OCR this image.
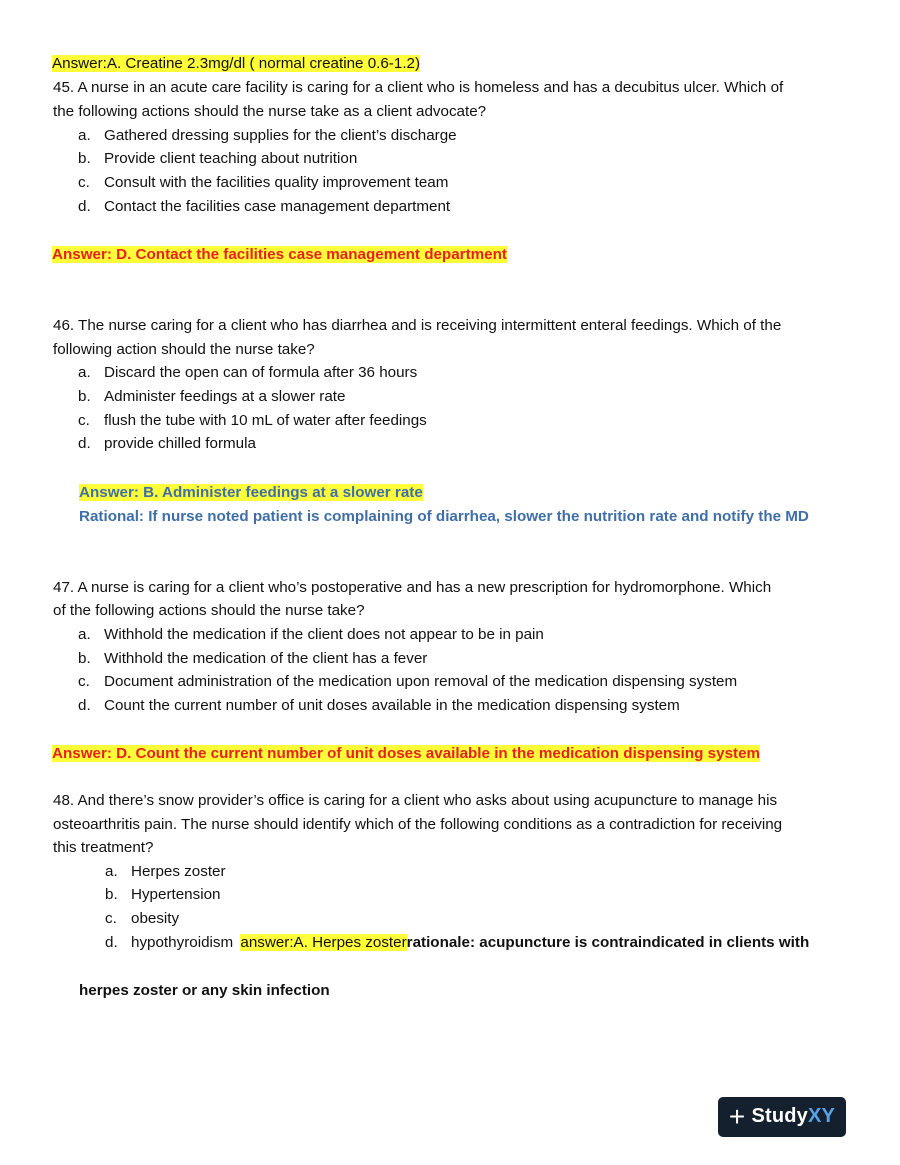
Answer:A. Creatine 2.3mg/dl ( normal creatine 0.6-1.2)
45. A nurse in an acute care facility is caring for a client who is homeless and has a decubitus ulcer. Which of
the following actions should the nurse take as a client advocate?
a. Gathered dressing supplies for the client’s discharge
b. Provide client teaching about nutrition
c. Consult with the facilities quality improvement team
d. Contact the facilities case management department
Answer: D. Contact the facilities case management department
46. The nurse caring for a client who has diarrhea and is receiving intermittent enteral feedings. Which of the
following action should the nurse take?
a. Discard the open can of formula after 36 hours
b. Administer feedings at a slower rate
c. flush the tube with 10 mL of water after feedings
d. provide chilled formula
Answer: B. Administer feedings at a slower rate
Rational: If nurse noted patient is complaining of diarrhea, slower the nutrition rate and notify the MD
47. A nurse is caring for a client who’s postoperative and has a new prescription for hydromorphone. Which
of the following actions should the nurse take?
a. Withhold the medication if the client does not appear to be in pain
b. Withhold the medication of the client has a fever
c. Document administration of the medication upon removal of the medication dispensing system
d. Count the current number of unit doses available in the medication dispensing system
Answer: D. Count the current number of unit doses available in the medication dispensing system
48. And there’s snow provider’s office is caring for a client who asks about using acupuncture to manage his
osteoarthritis pain. The nurse should identify which of the following conditions as a contradiction for receiving
this treatment?
a. Herpes zoster
b. Hypertension
c. obesity
d. hypothyroidism answer:A. Herpes zosterrationale: acupuncture is contraindicated in clients with
herpes zoster or any skin infection
+ Study XY
